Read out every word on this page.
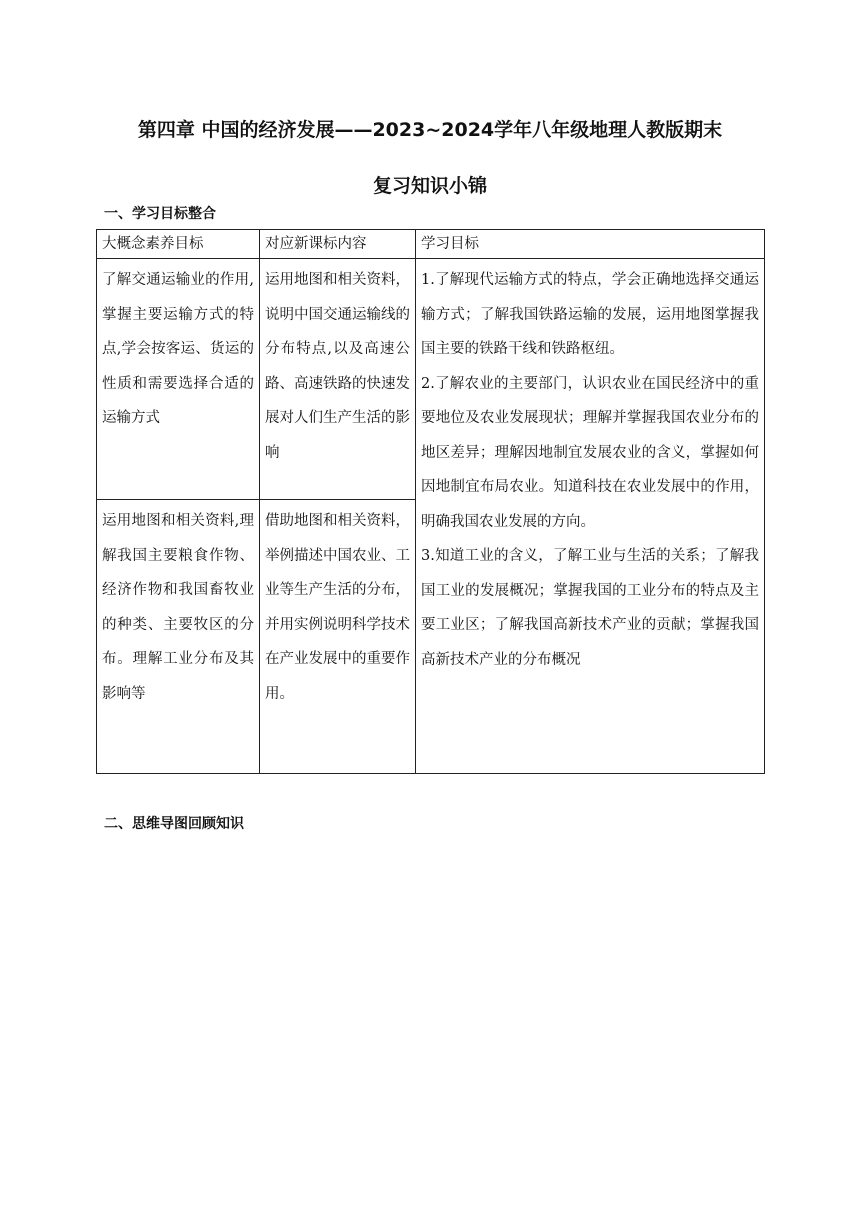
第四章 中国的经济发展——2023~2024学年八年级地理人教版期末
复习知识小锦
一、学习目标整合
大概念素养目标	对应新课标内容	学习目标

了解交通运输业的作用,掌握主要运输方式的特点,学会按客运、货运的性质和需要选择合适的运输方式	运用地图和相关资料，说明中国交通运输线的分布特点,以及高速公路、高速铁路的快速发展对人们生产生活的影响	1.了解现代运输方式的特点，学会正确地选择交通运输方式；了解我国铁路运输的发展，运用地图掌握我国主要的铁路干线和铁路枢纽。
2.了解农业的主要部门，认识农业在国民经济中的重要地位及农业发展现状；理解并掌握我国农业分布的地区差异；理解因地制宜发展农业的含义，掌握如何因地制宜布局农业。知道科技在农业发展中的作用，明确我国农业发展的方向。
3.知道工业的含义，了解工业与生活的关系；了解我国工业的发展概况；掌握我国的工业分布的特点及主要工业区；了解我国高新技术产业的贡献；掌握我国高新技术产业的分布概况

运用地图和相关资料,理解我国主要粮食作物、经济作物和我国畜牧业的种类、主要牧区的分布。理解工业分布及其影响等	借助地图和相关资料，举例描述中国农业、工业等生产生活的分布，并用实例说明科学技术在产业发展中的重要作用。	
二、思维导图回顾知识
